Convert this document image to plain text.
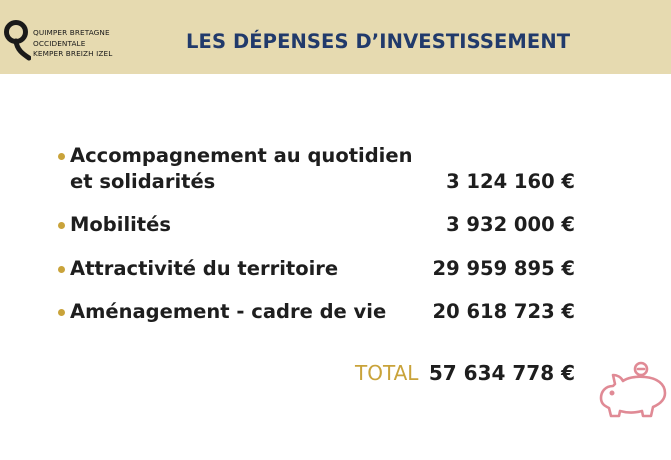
QUIMPER BRETAGNE
OCCIDENTALE
KEMPER BREIZH IZEL
LES DÉPENSES D’INVESTISSEMENT
Accompagnement au quotidien
et solidarités	3 124 160 €
Mobilités	3 932 000 €
Attractivité du territoire	29 959 895 €
Aménagement - cadre de vie 20 618 723 €
TOTAL 57 634 778 €
